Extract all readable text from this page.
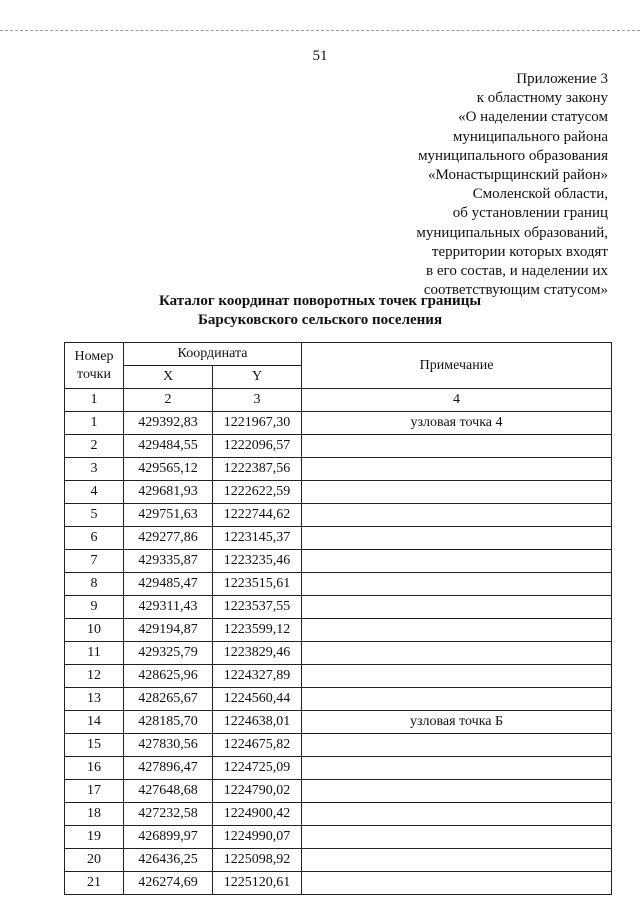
51
Приложение 3
к областному закону
«О наделении статусом
муниципального района
муниципального образования
«Монастырщинский район»
Смоленской области,
об установлении границ
муниципальных образований,
территории которых входят
в его состав, и наделении их
соответствующим статусом»
Каталог координат поворотных точек границы
Барсуковского сельского поселения
Номер
точки	Координата		Примечание
	X	Y	
1	2	3	4
1	429392,83	1221967,30	узловая точка 4
2	429484,55	1222096,57	
3	429565,12	1222387,56	
4	429681,93	1222622,59	
5	429751,63	1222744,62	
6	429277,86	1223145,37	
7	429335,87	1223235,46	
8	429485,47	1223515,61	
9	429311,43	1223537,55	
10	429194,87	1223599,12	
11	429325,79	1223829,46	
12	428625,96	1224327,89	
13	428265,67	1224560,44	
14	428185,70	1224638,01	узловая точка Б
15	427830,56	1224675,82	
16	427896,47	1224725,09	
17	427648,68	1224790,02	
18	427232,58	1224900,42	
19	426899,97	1224990,07	
20	426436,25	1225098,92	
21	426274,69	1225120,61	
